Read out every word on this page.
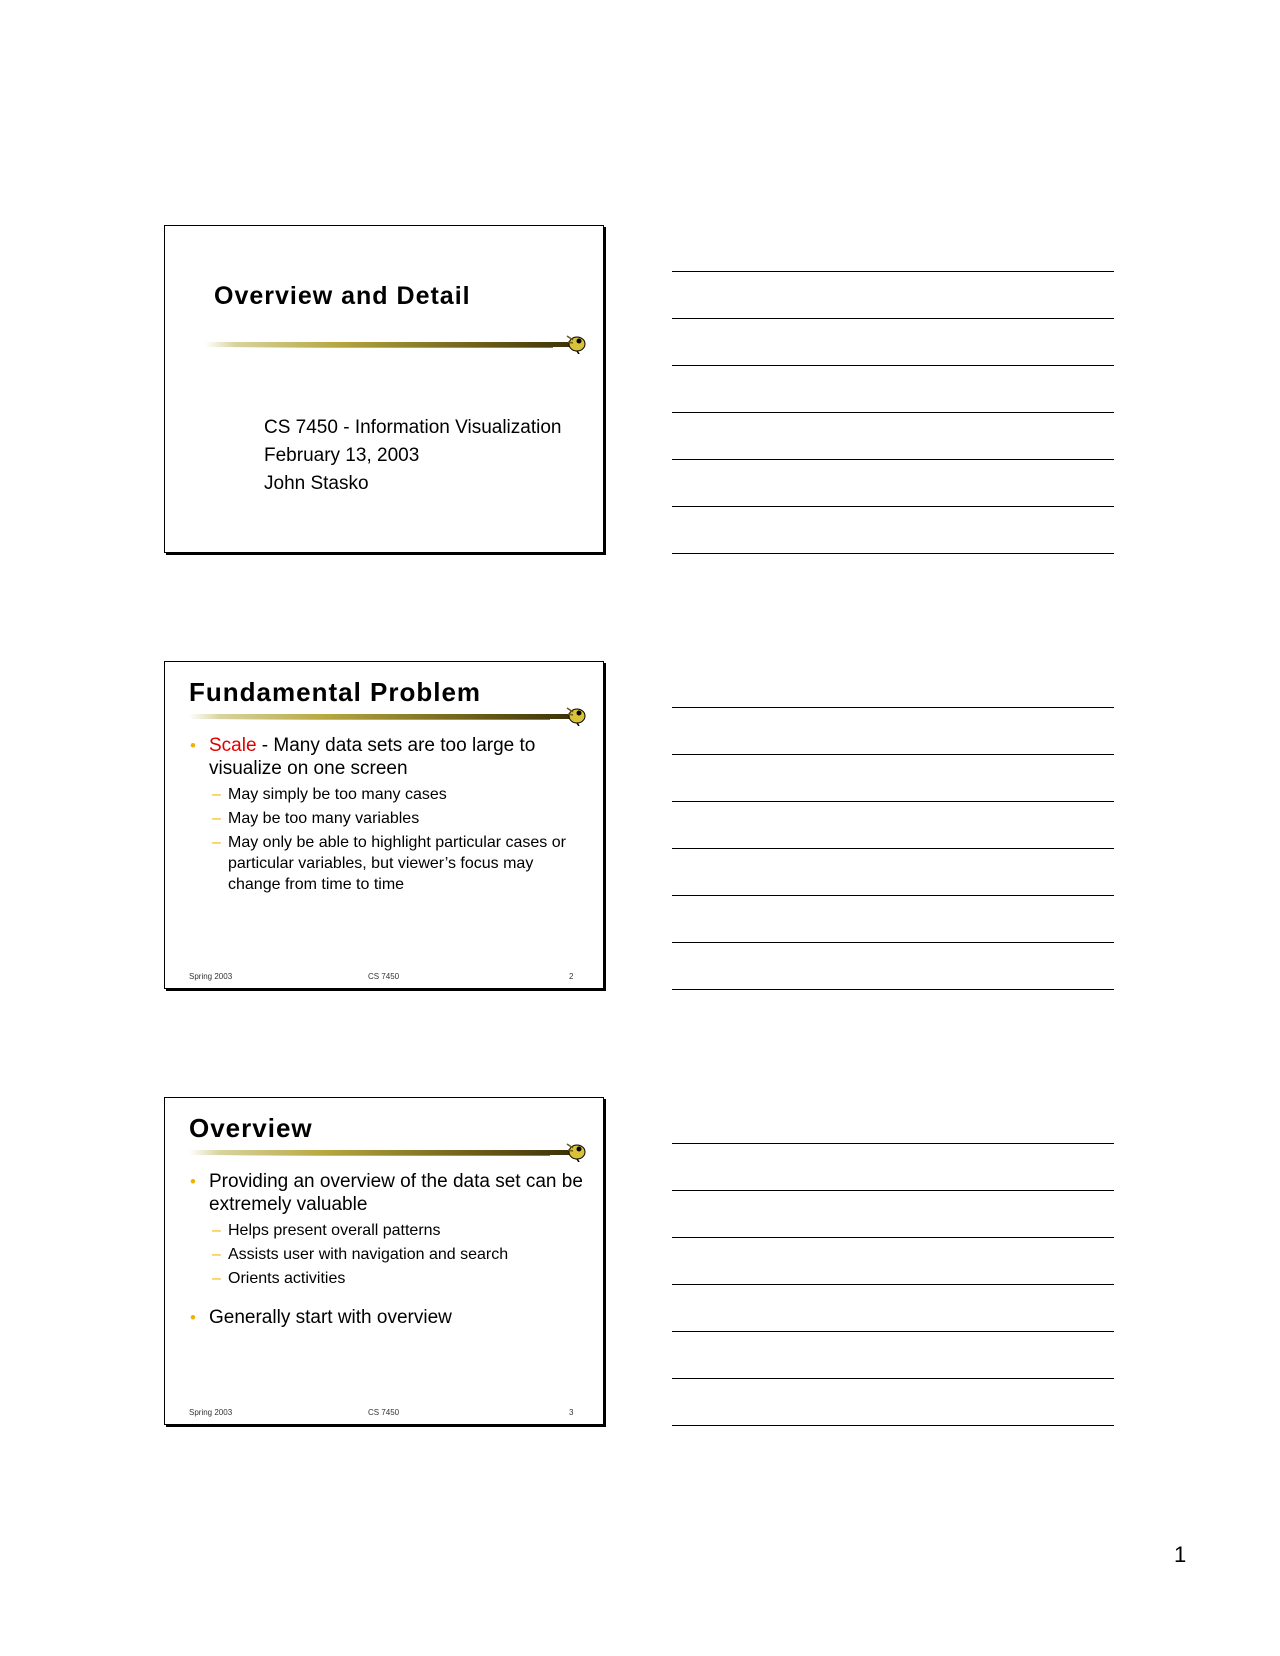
Overview and Detail
CS 7450 - Information Visualization
February 13, 2003
John Stasko
Fundamental Problem
• Scale - Many data sets are too large to visualize on one screen
– May simply be too many cases
– May be too many variables
– May only be able to highlight particular cases or particular variables, but viewer’s focus may change from time to time
Spring 2003	CS 7450	2
Overview
• Providing an overview of the data set can be extremely valuable
– Helps present overall patterns
– Assists user with navigation and search
– Orients activities
• Generally start with overview
Spring 2003	CS 7450	3
1
